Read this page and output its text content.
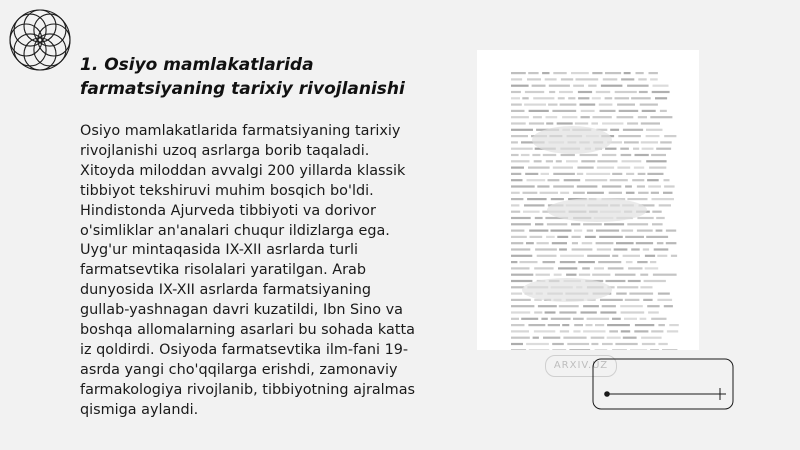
1. Osiyo mamlakatlarida farmatsiyaning tarixiy rivojlanishi

Osiyo mamlakatlarida farmatsiyaning tarixiy rivojlanishi uzoq asrlarga borib taqaladi. Xitoyda miloddan avvalgi 200 yillarda klassik tibbiyot tekshiruvi muhim bosqich bo'ldi. Hindistonda Ajurveda tibbiyoti va dorivor o'simliklar an'analari chuqur ildizlarga ega. Uyg'ur mintaqasida IX-XII asrlarda turli farmatsevtika risolalari yaratilgan. Arab dunyosida IX-XII asrlarda farmatsiyaning gullab-yashnagan davri kuzatildi, Ibn Sino va boshqa allomalarning asarlari bu sohada katta iz qoldirdi. Osiyoda farmatsevtika ilm-fani 19-asrda yangi cho'qqilarga erishdi, zamonaviy farmakologiya rivojlanib, tibbiyotning ajralmas qismiga aylandi.

ARXIV.UZ
